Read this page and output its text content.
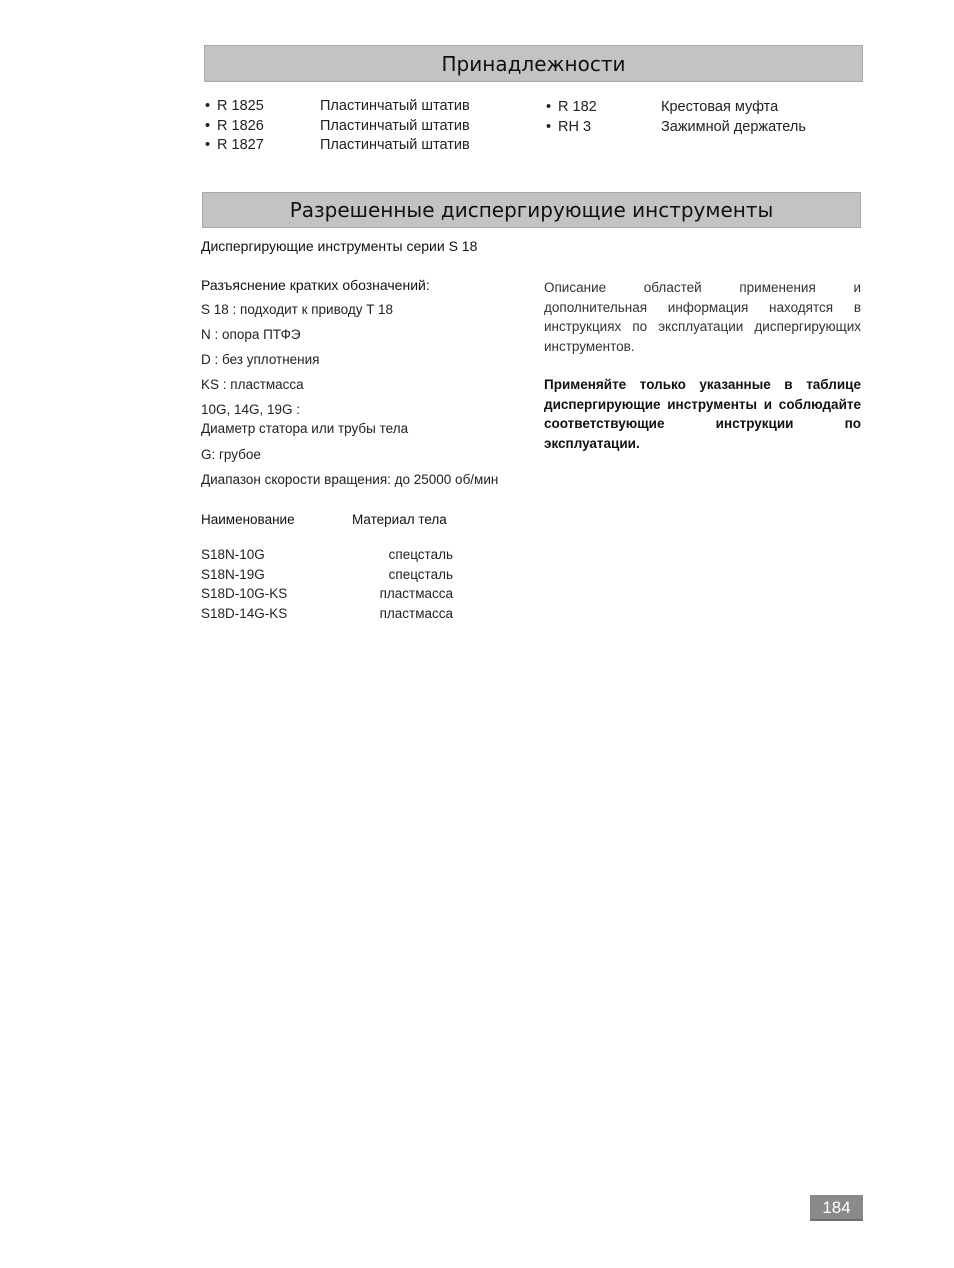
Принадлежности
• R 1825	Пластинчатый штатив
• R 1826	Пластинчатый штатив
• R 1827	Пластинчатый штатив
• R 182	Крестовая муфта
• RH 3	Зажимной держатель
Разрешенные диспергирующие инструменты
Диспергирующие инструменты серии S 18
Разъяснение кратких обозначений:
S 18 : подходит к приводу T 18
N : опора ПТФЭ
D : без уплотнения
KS : пластмасса
10G, 14G, 19G :
Диаметр статора или трубы тела
G: грубое
Диапазон скорости вращения: до 25000 об/мин

Описание областей применения и дополнительная информация находятся в инструкциях по эксплуатации диспергирующих инструментов.

Применяйте только указанные в таблице диспергирующие инструменты и соблюдайте соответствующие инструкции по эксплуатации.

Наименование	Материал тела
S18N-10G	спецсталь
S18N-19G	спецсталь
S18D-10G-KS	пластмасса
S18D-14G-KS	пластмасса
184
